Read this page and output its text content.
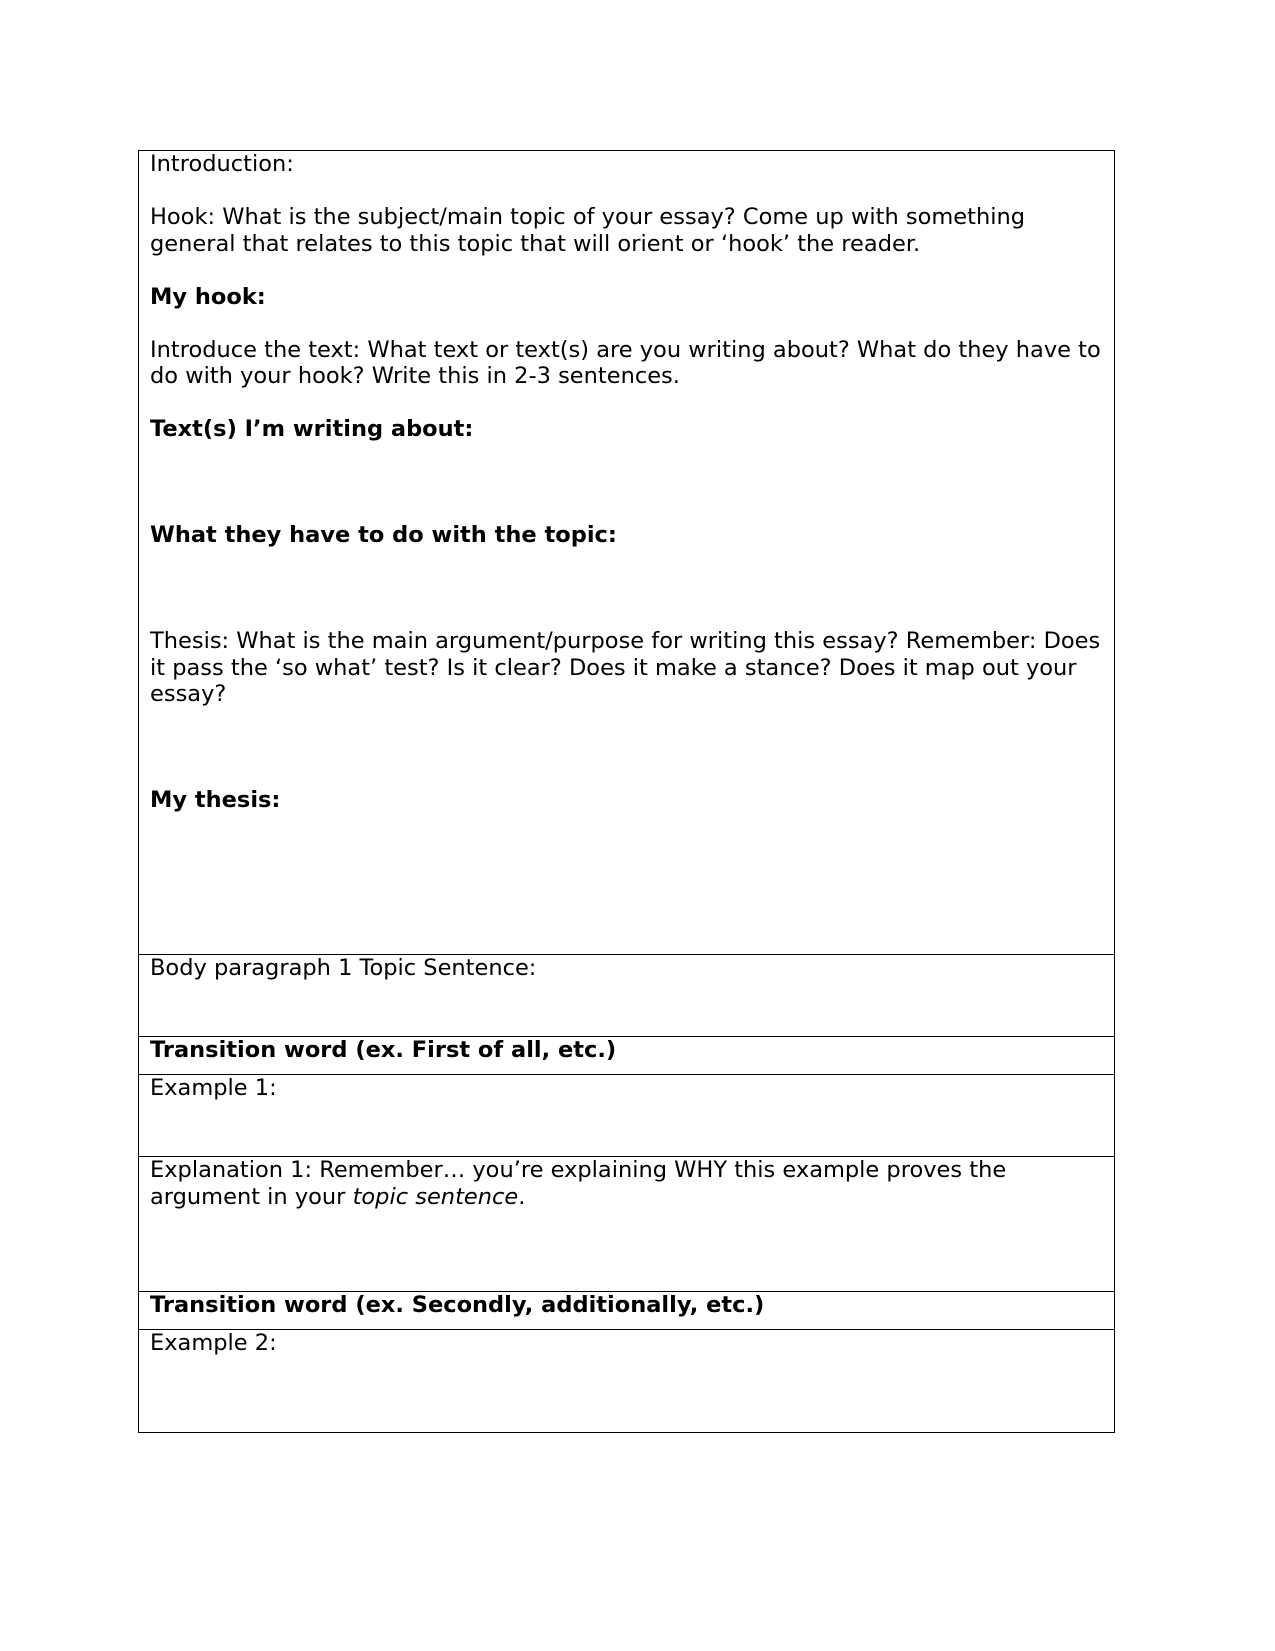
Introduction:

Hook: What is the subject/main topic of your essay? Come up with something general that relates to this topic that will orient or ‘hook’ the reader.

My hook:

Introduce the text: What text or text(s) are you writing about? What do they have to do with your hook? Write this in 2-3 sentences.

Text(s) I’m writing about:

What they have to do with the topic:

Thesis: What is the main argument/purpose for writing this essay? Remember: Does it pass the ‘so what’ test? Is it clear? Does it make a stance? Does it map out your essay?

My thesis:

Body paragraph 1 Topic Sentence:

Transition word (ex. First of all, etc.)

Example 1:

Explanation 1: Remember… you’re explaining WHY this example proves the argument in your topic sentence.

Transition word (ex. Secondly, additionally, etc.)

Example 2:
